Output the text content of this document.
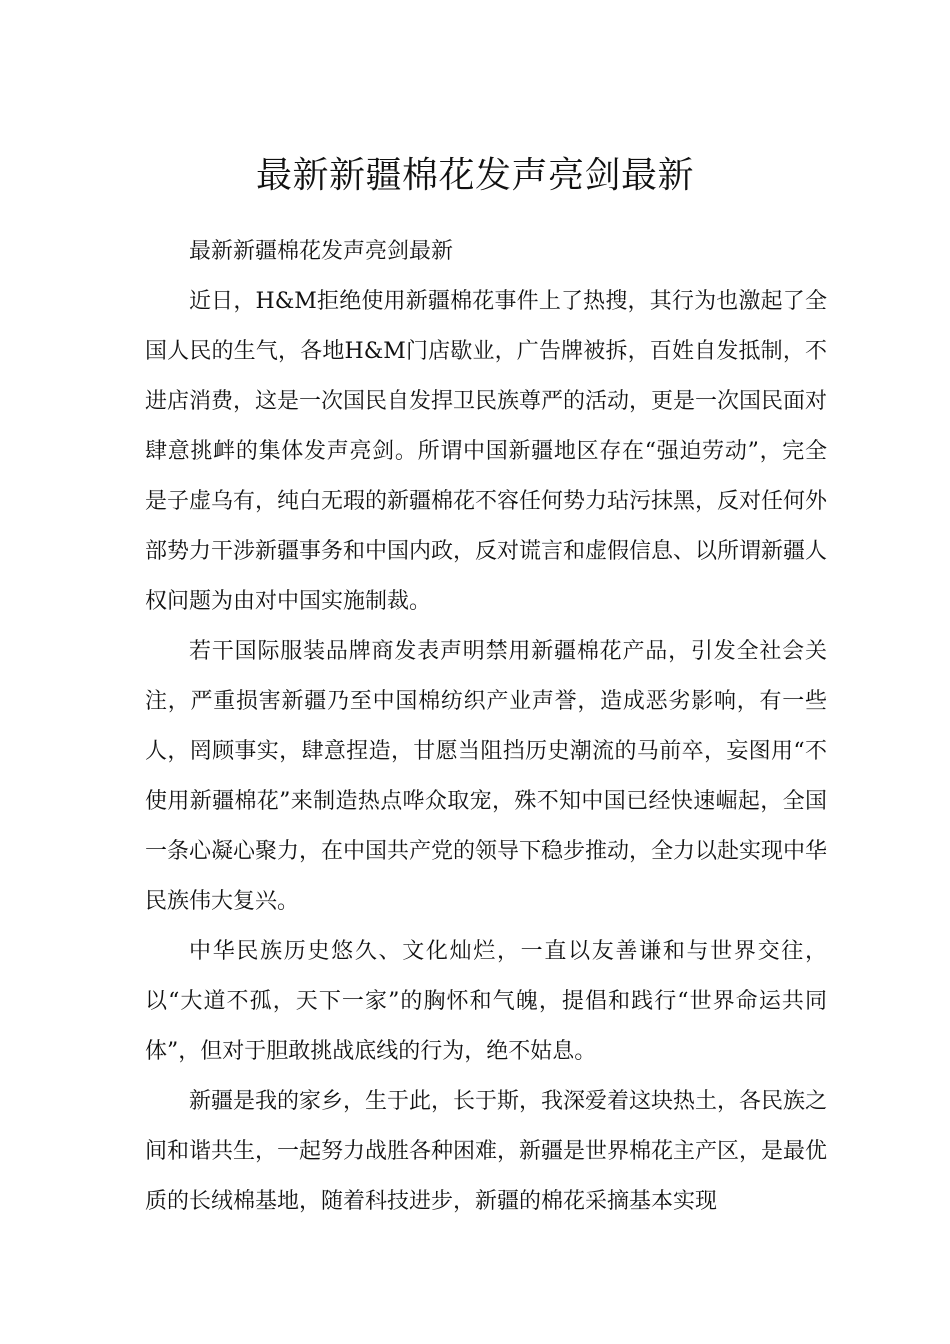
最新新疆棉花发声亮剑最新

最新新疆棉花发声亮剑最新

近日，H&M拒绝使用新疆棉花事件上了热搜，其行为也激起了全国人民的生气，各地H&M门店歇业，广告牌被拆，百姓自发抵制，不进店消费，这是一次国民自发捍卫民族尊严的活动，更是一次国民面对肆意挑衅的集体发声亮剑。所谓中国新疆地区存在“强迫劳动”，完全是子虚乌有，纯白无瑕的新疆棉花不容任何势力玷污抹黑，反对任何外部势力干涉新疆事务和中国内政，反对谎言和虚假信息、以所谓新疆人权问题为由对中国实施制裁。

若干国际服装品牌商发表声明禁用新疆棉花产品，引发全社会关注，严重损害新疆乃至中国棉纺织产业声誉，造成恶劣影响，有一些人，罔顾事实，肆意捏造，甘愿当阻挡历史潮流的马前卒，妄图用“不使用新疆棉花”来制造热点哗众取宠，殊不知中国已经快速崛起，全国一条心凝心聚力，在中国共产党的领导下稳步推动，全力以赴实现中华民族伟大复兴。

中华民族历史悠久、文化灿烂，一直以友善谦和与世界交往，以“大道不孤，天下一家”的胸怀和气魄，提倡和践行“世界命运共同体”，但对于胆敢挑战底线的行为，绝不姑息。

新疆是我的家乡，生于此，长于斯，我深爱着这块热土，各民族之间和谐共生，一起努力战胜各种困难，新疆是世界棉花主产区，是最优质的长绒棉基地，随着科技进步，新疆的棉花采摘基本实现
